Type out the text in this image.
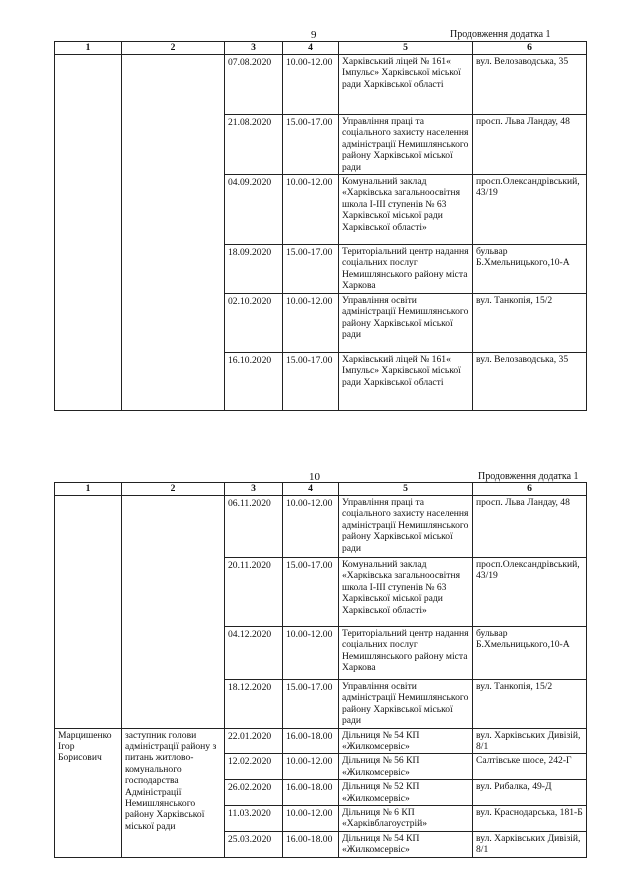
9	Продовження додатка 1
1	2	3	4	5	6
		07.08.2020	10.00-12.00	Харківський ліцей № 161« Імпульс» Харківської міської ради Харківської області	вул. Велозаводська, 35
		21.08.2020	15.00-17.00	Управління праці та соціального захисту населення адміністрації Немишлянського району Харківської міської ради	просп. Льва Ландау, 48
		04.09.2020	10.00-12.00	Комунальний заклад «Харківська загальноосвітня школа І-ІІІ ступенів № 63 Харківської міської ради Харківської області»	просп.Олександрівський, 43/19
		18.09.2020	15.00-17.00	Територіальний центр надання соціальних послуг Немишлянського району міста Харкова	бульвар Б.Хмельницького,10-А
		02.10.2020	10.00-12.00	Управління освіти адміністрації Немишлянського району Харківської міської ради	вул. Танкопія, 15/2
		16.10.2020	15.00-17.00	Харківський ліцей № 161« Імпульс» Харківської міської ради Харківської області	вул. Велозаводська, 35
10	Продовження додатка 1
1	2	3	4	5	6
		06.11.2020	10.00-12.00	Управління праці та соціального захисту населення адміністрації Немишлянського району Харківської міської ради	просп. Льва Ландау, 48
		20.11.2020	15.00-17.00	Комунальний заклад «Харківська загальноосвітня школа І-ІІІ ступенів № 63 Харківської міської ради Харківської області»	просп.Олександрівський, 43/19
		04.12.2020	10.00-12.00	Територіальний центр надання соціальних послуг Немишлянського району міста Харкова	бульвар Б.Хмельницького,10-А
		18.12.2020	15.00-17.00	Управління освіти адміністрації Немишлянського району Харківської міської ради	вул. Танкопія, 15/2
Марцишенко Ігор Борисович	заступник голови адміністрації району з питань житлово-комунального господарства Адміністрації Немишлянського району Харківської міської ради	22.01.2020	16.00-18.00	Дільниця № 54 КП «Жилкомсервіс»	вул. Харківських Дивізій, 8/1
		12.02.2020	10.00-12.00	Дільниця № 56 КП «Жилкомсервіс»	Салтівське шосе, 242-Г
		26.02.2020	16.00-18.00	Дільниця № 52 КП «Жилкомсервіс»	вул. Рибалка, 49-Д
		11.03.2020	10.00-12.00	Дільниця № 6 КП «Харківблагоустрій»	вул. Краснодарська, 181-Б
		25.03.2020	16.00-18.00	Дільниця № 54 КП «Жилкомсервіс»	вул. Харківських Дивізій, 8/1
